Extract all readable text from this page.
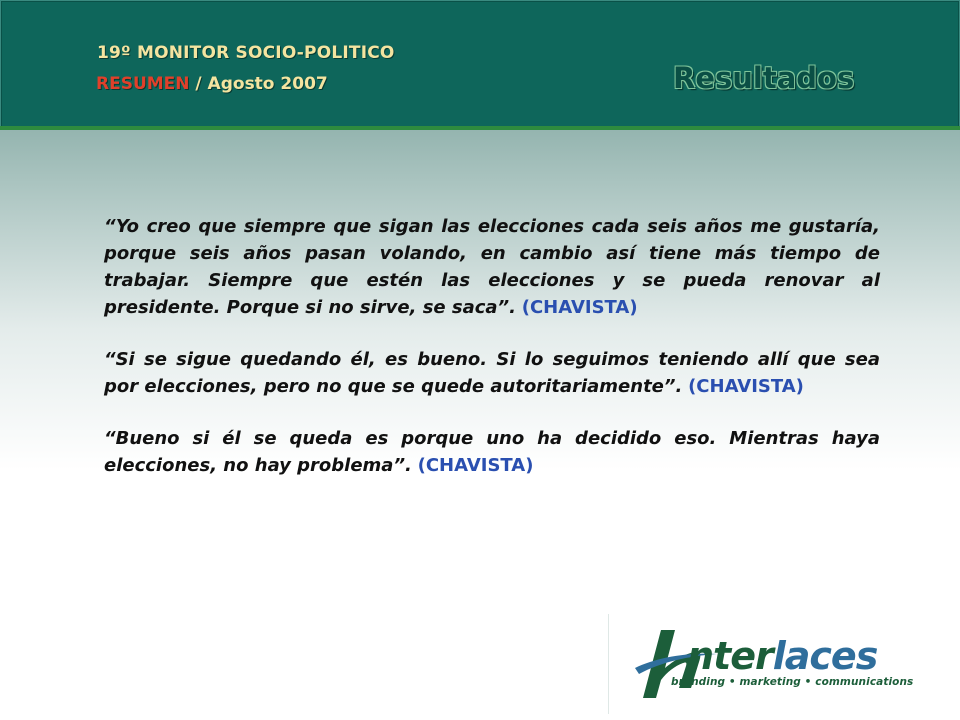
19º MONITOR SOCIO-POLITICO

RESUMEN / Agosto 2007	Resultados

“Yo creo que siempre que sigan las elecciones cada seis años me gustaría, porque seis años pasan volando, en cambio así tiene más tiempo de trabajar. Siempre que estén las elecciones y se pueda renovar al presidente. Porque si no sirve, se saca”. (CHAVISTA)

“Si se sigue quedando él, es bueno. Si lo seguimos teniendo allí que sea por elecciones, pero no que se quede autoritariamente”. (CHAVISTA)

“Bueno si él se queda es porque uno ha decidido eso. Mientras haya elecciones, no hay problema”. (CHAVISTA)

nterlaces

branding • marketing • communications
